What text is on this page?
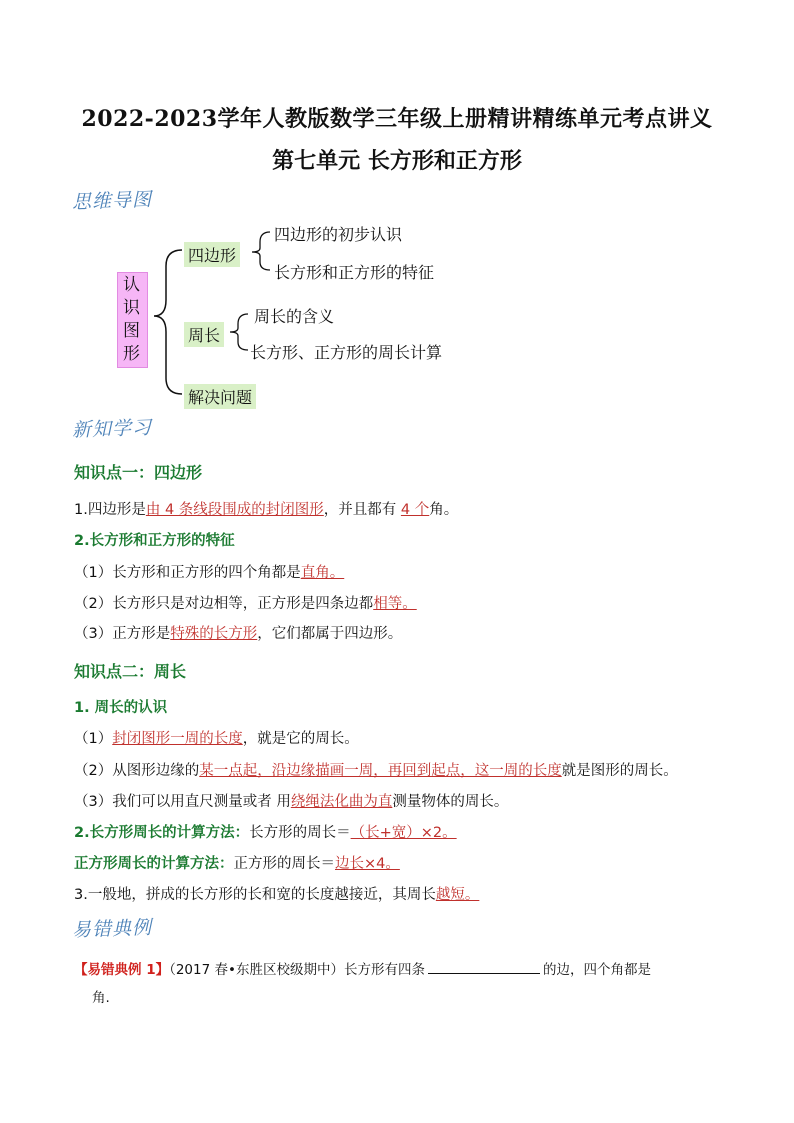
2022-2023学年人教版数学三年级上册精讲精练单元考点讲义
第七单元 长方形和正方形
思维导图
认
识
图
形
四边形
四边形的初步认识
长方形和正方形的特征
周长
周长的含义
长方形、正方形的周长计算
解决问题
新知学习
知识点一：四边形
1.四边形是由 4 条线段围成的封闭图形，并且都有 4 个角。
2.长方形和正方形的特征
（1）长方形和正方形的四个角都是直角。
（2）长方形只是对边相等，正方形是四条边都相等。
（3）正方形是特殊的长方形，它们都属于四边形。
知识点二：周长
1. 周长的认识
（1）封闭图形一周的长度，就是它的周长。
（2）从图形边缘的某一点起，沿边缘描画一周，再回到起点，这一周的长度就是图形的周长。
（3）我们可以用直尺测量或者 用绕绳法化曲为直测量物体的周长。
2.长方形周长的计算方法：长方形的周长＝（长+宽）×2。
正方形周长的计算方法：正方形的周长＝边长×4。
3.一般地，拼成的长方形的长和宽的长度越接近，其周长越短。
易错典例
【易错典例 1】（2017 春•东胜区校级期中）长方形有四条	的边，四个角都是
角.
